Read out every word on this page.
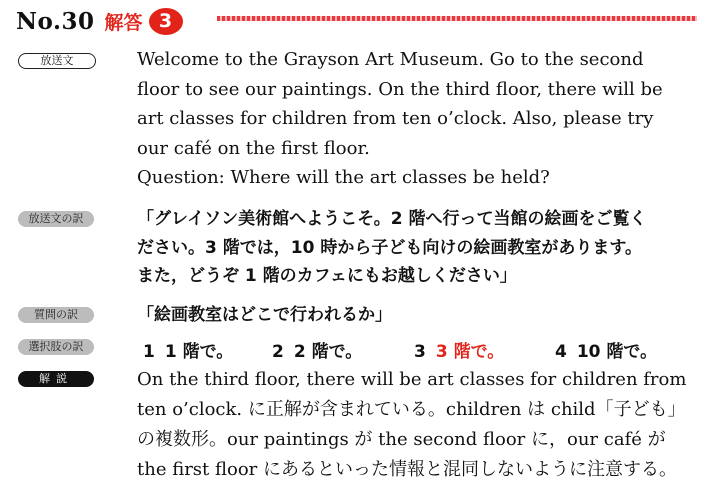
No.30 解答 3
放送文	Welcome to the Grayson Art Museum. Go to the second
floor to see our paintings. On the third floor, there will be
art classes for children from ten o’clock. Also, please try
our café on the first floor.
Question: Where will the art classes be held?
放送文の訳	「グレイソン美術館へようこそ。2 階へ行って当館の絵画をご覧く
ださい。3 階では，10 時から子ども向けの絵画教室があります。
また，どうぞ 1 階のカフェにもお越しください」
質問の訳	「絵画教室はどこで行われるか」
選択肢の訳	1 1 階で。 2 2 階で。	3 3 階で。	4 10 階で。
解説	On the third floor, there will be art classes for children from
ten o’clock. に正解が含まれている。children は child「子ども」
の複数形。our paintings が the second floor に，our café が
the first floor にあるといった情報と混同しないように注意する。
